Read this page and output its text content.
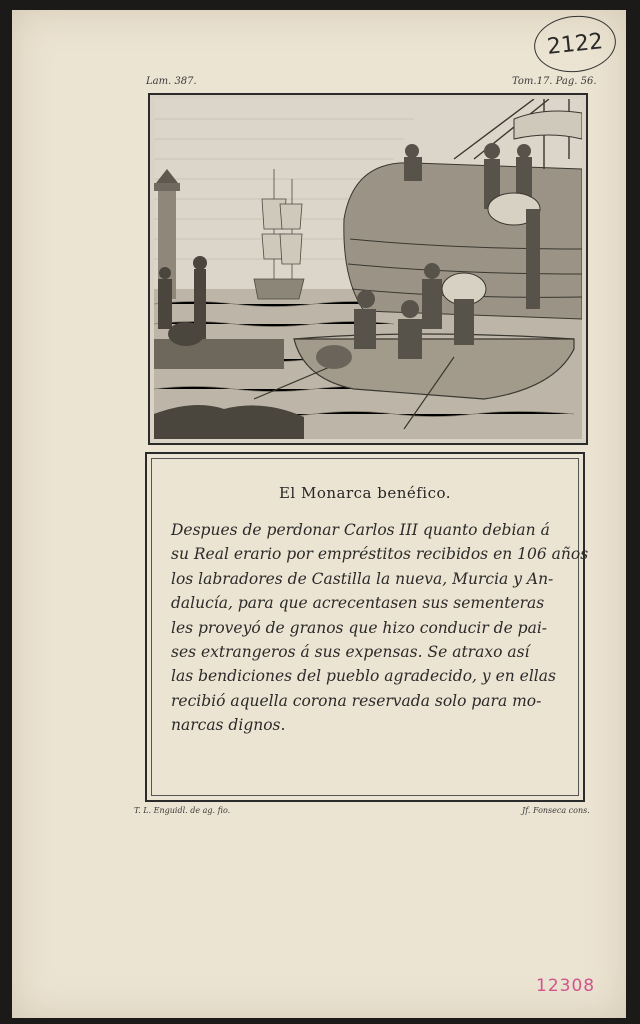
2122
Lam. 387.	Tom.17. Pag. 56.
El Monarca benéfico.
Despues de perdonar Carlos III quanto debian á
su Real erario por empréstitos recibidos en 106 años
los labradores de Castilla la nueva, Murcia y An-
dalucía, para que acrecentasen sus sementeras
les proveyó de granos que hizo conducir de pai-
ses extrangeros á sus expensas. Se atraxo así
las bendiciones del pueblo agradecido, y en ellas
recibió aquella corona reservada solo para mo-
narcas dignos.
T. L. Enguidl. de ag. fio.	Jf. Fonseca cons.
12308
